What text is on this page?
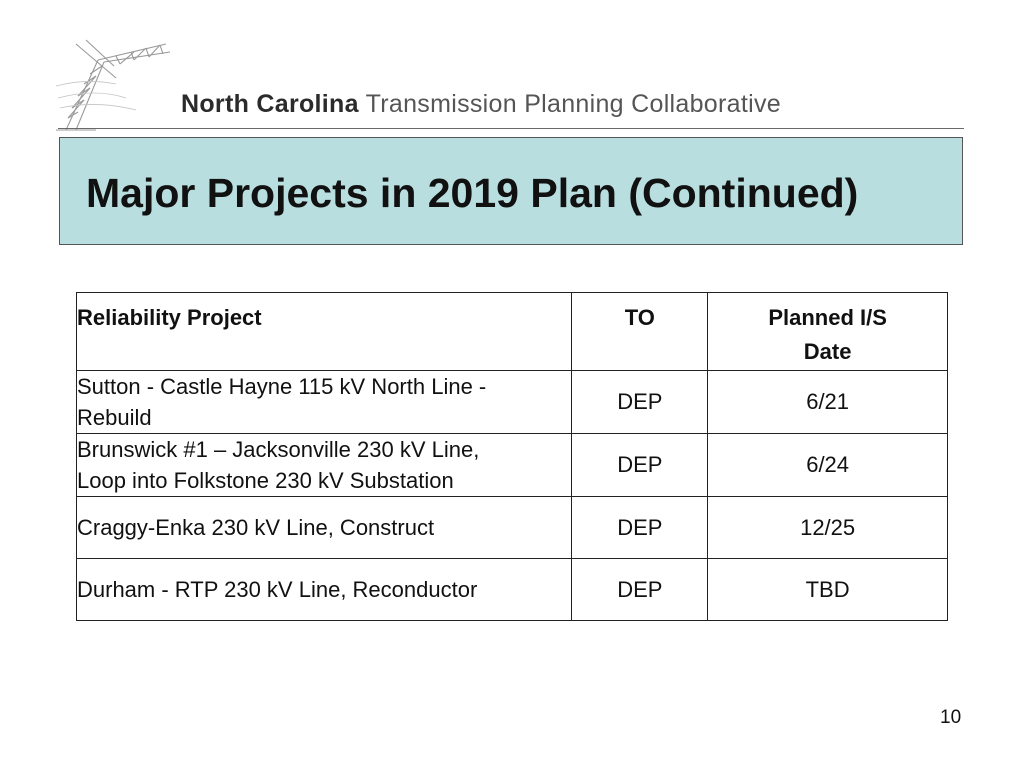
North Carolina Transmission Planning Collaborative
Major Projects in 2019 Plan (Continued)
Reliability Project	TO	Planned I/S
Date
Sutton - Castle Hayne 115 kV North Line -
Rebuild	DEP	6/21
Brunswick #1 – Jacksonville 230 kV Line,
Loop into Folkstone 230 kV Substation	DEP	6/24
Craggy-Enka 230 kV Line, Construct	DEP	12/25
Durham - RTP 230 kV Line, Reconductor	DEP	TBD
10
